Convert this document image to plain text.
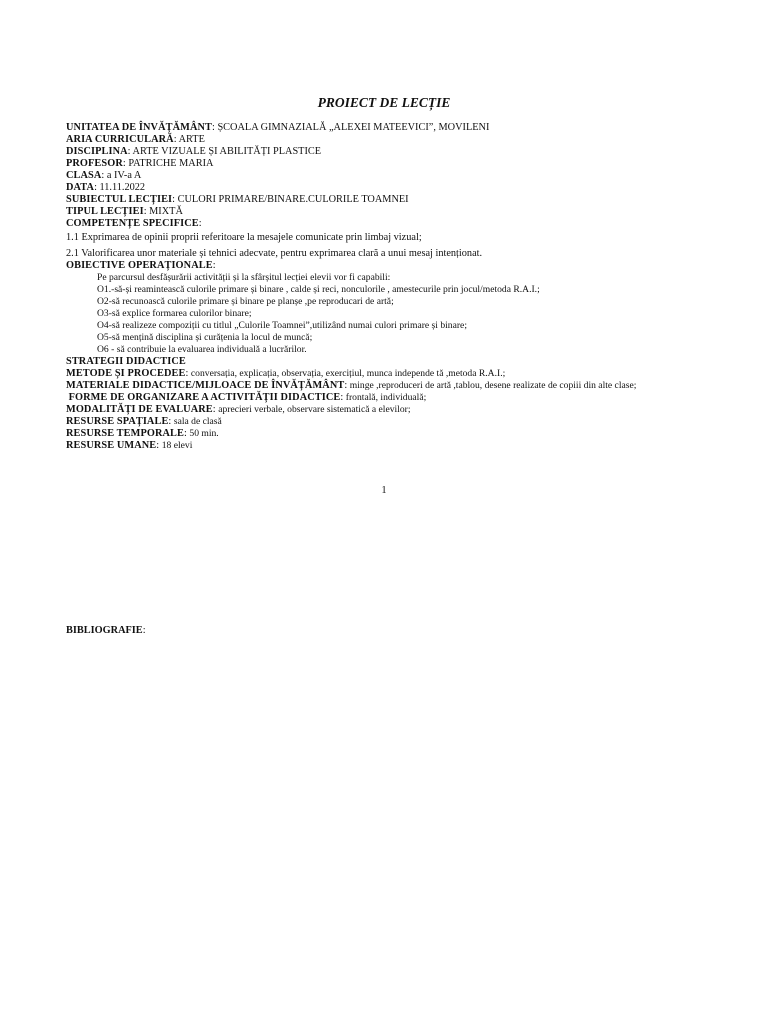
PROIECT DE LECȚIE
UNITATEA DE ÎNVĂȚĂMÂNT: ȘCOALA GIMNAZIALĂ „ALEXEI MATEEVICI”, MOVILENI
ARIA CURRICULARĂ: ARTE
DISCIPLINA: ARTE VIZUALE ȘI ABILITĂȚI PLASTICE
PROFESOR: PATRICHE MARIA
CLASA: a IV-a A
DATA: 11.11.2022
SUBIECTUL LECȚIEI: CULORI PRIMARE/BINARE.CULORILE TOAMNEI
TIPUL LECȚIEI: MIXTĂ
COMPETENȚE SPECIFICE:
1.1 Exprimarea de opinii proprii referitoare la mesajele comunicate prin limbaj vizual;
2.1 Valorificarea unor materiale și tehnici adecvate, pentru exprimarea clară a unui mesaj intenționat.
OBIECTIVE OPERAȚIONALE:
Pe parcursul desfășurării activității și la sfârșitul lecției elevii vor fi capabili:
O1.-să-și reamintească culorile primare și binare , calde și reci, nonculorile , amestecurile prin jocul/metoda R.A.I.;
O2-să recunoască culorile primare și binare pe planșe ,pe reproducari de artă;
O3-să explice formarea culorilor binare;
O4-să realizeze compoziții cu titlul „Culorile Toamnei”,utilizând numai culori primare și binare;
O5-să mențină disciplina și curățenia la locul de muncă;
O6 - să contribuie la evaluarea individuală a lucrărilor.
STRATEGII DIDACTICE
METODE ȘI PROCEDEE: conversația, explicația, observația, exercițiul, munca independe tă ,metoda R.A.I.;
MATERIALE DIDACTICE/MIJLOACE DE ÎNVĂȚĂMÂNT: minge ,reproduceri de artă ,tablou, desene realizate de copiii din alte clase;
FORME DE ORGANIZARE A ACTIVITĂȚII DIDACTICE: frontală, individuală;
MODALITĂȚI DE EVALUARE: aprecieri verbale, observare sistematică a elevilor;
RESURSE SPAȚIALE: sala de clasă
RESURSE TEMPORALE: 50 min.
RESURSE UMANE: 18 elevi
1
BIBLIOGRAFIE:
